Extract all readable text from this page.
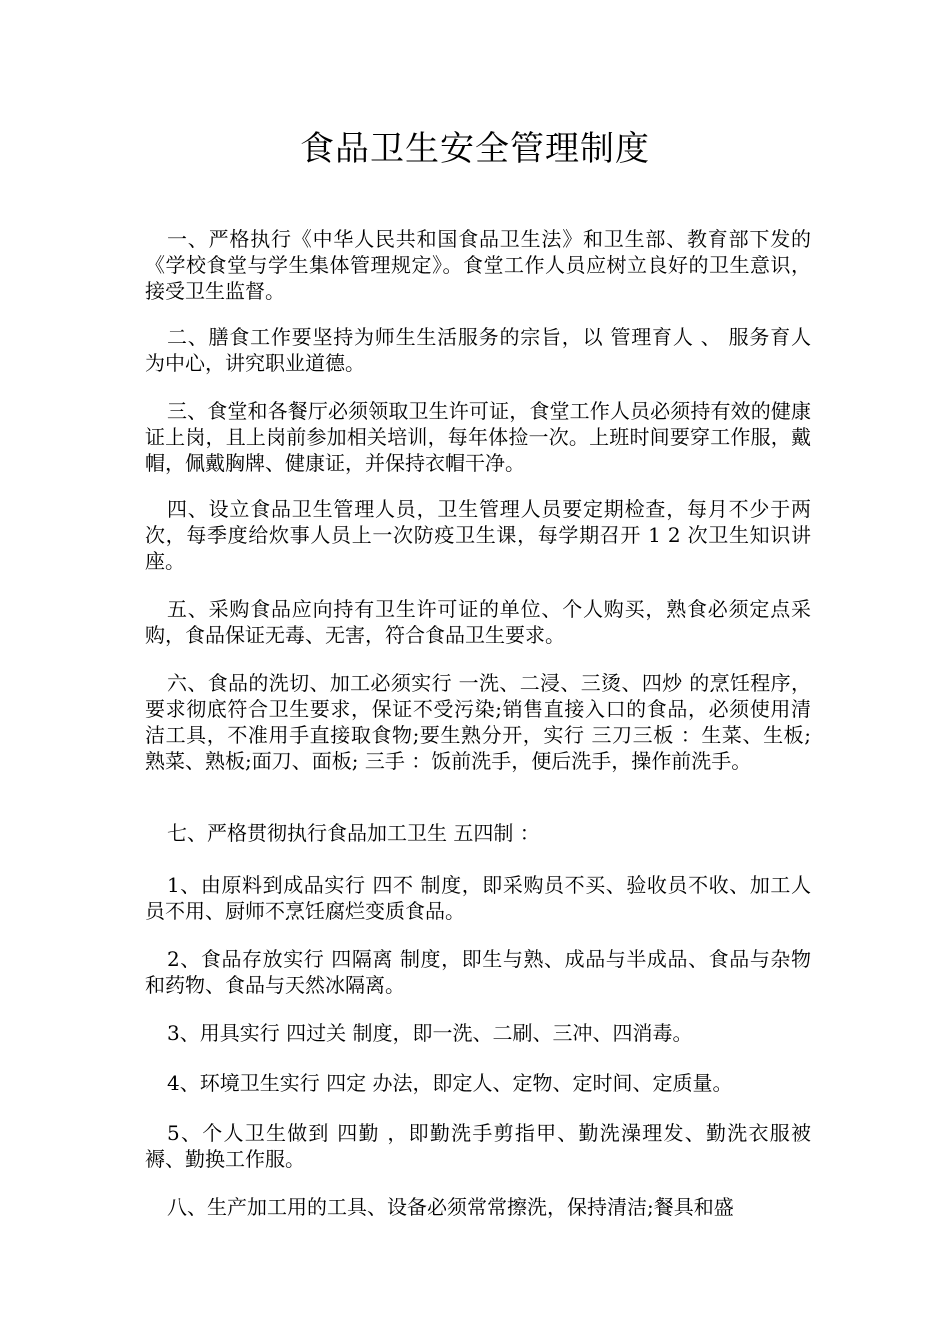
食品卫生安全管理制度

一、严格执行《中华人民共和国食品卫生法》和卫生部、教育部下发的《学校食堂与学生集体管理规定》。食堂工作人员应树立良好的卫生意识，接受卫生监督。

二、膳食工作要坚持为师生生活服务的宗旨，以 管理育人 、 服务育人 为中心，讲究职业道德。

三、食堂和各餐厅必须领取卫生许可证，食堂工作人员必须持有效的健康证上岗，且上岗前参加相关培训，每年体捡一次。上班时间要穿工作服，戴帽，佩戴胸牌、健康证，并保持衣帽干净。

四、设立食品卫生管理人员，卫生管理人员要定期检查，每月不少于两次，每季度给炊事人员上一次防疫卫生课，每学期召开 1 2 次卫生知识讲座。

五、采购食品应向持有卫生许可证的单位、个人购买，熟食必须定点采购，食品保证无毒、无害，符合食品卫生要求。

六、食品的洗切、加工必须实行 一洗、二浸、三烫、四炒 的烹饪程序，要求彻底符合卫生要求，保证不受污染;销售直接入口的食品，必须使用清洁工具，不准用手直接取食物;要生熟分开，实行 三刀三板 ：生菜、生板;熟菜、熟板;面刀、面板; 三手 ：饭前洗手，便后洗手，操作前洗手。

七、严格贯彻执行食品加工卫生 五四制 ：

1、由原料到成品实行 四不 制度，即采购员不买、验收员不收、加工人员不用、厨师不烹饪腐烂变质食品。

2、食品存放实行 四隔离 制度，即生与熟、成品与半成品、食品与杂物和药物、食品与天然冰隔离。

3、用具实行 四过关 制度，即一洗、二刷、三冲、四消毒。

4、环境卫生实行 四定 办法，即定人、定物、定时间、定质量。

5、个人卫生做到 四勤 ，即勤洗手剪指甲、勤洗澡理发、勤洗衣服被褥、勤换工作服。

八、生产加工用的工具、设备必须常常擦洗，保持清洁;餐具和盛
